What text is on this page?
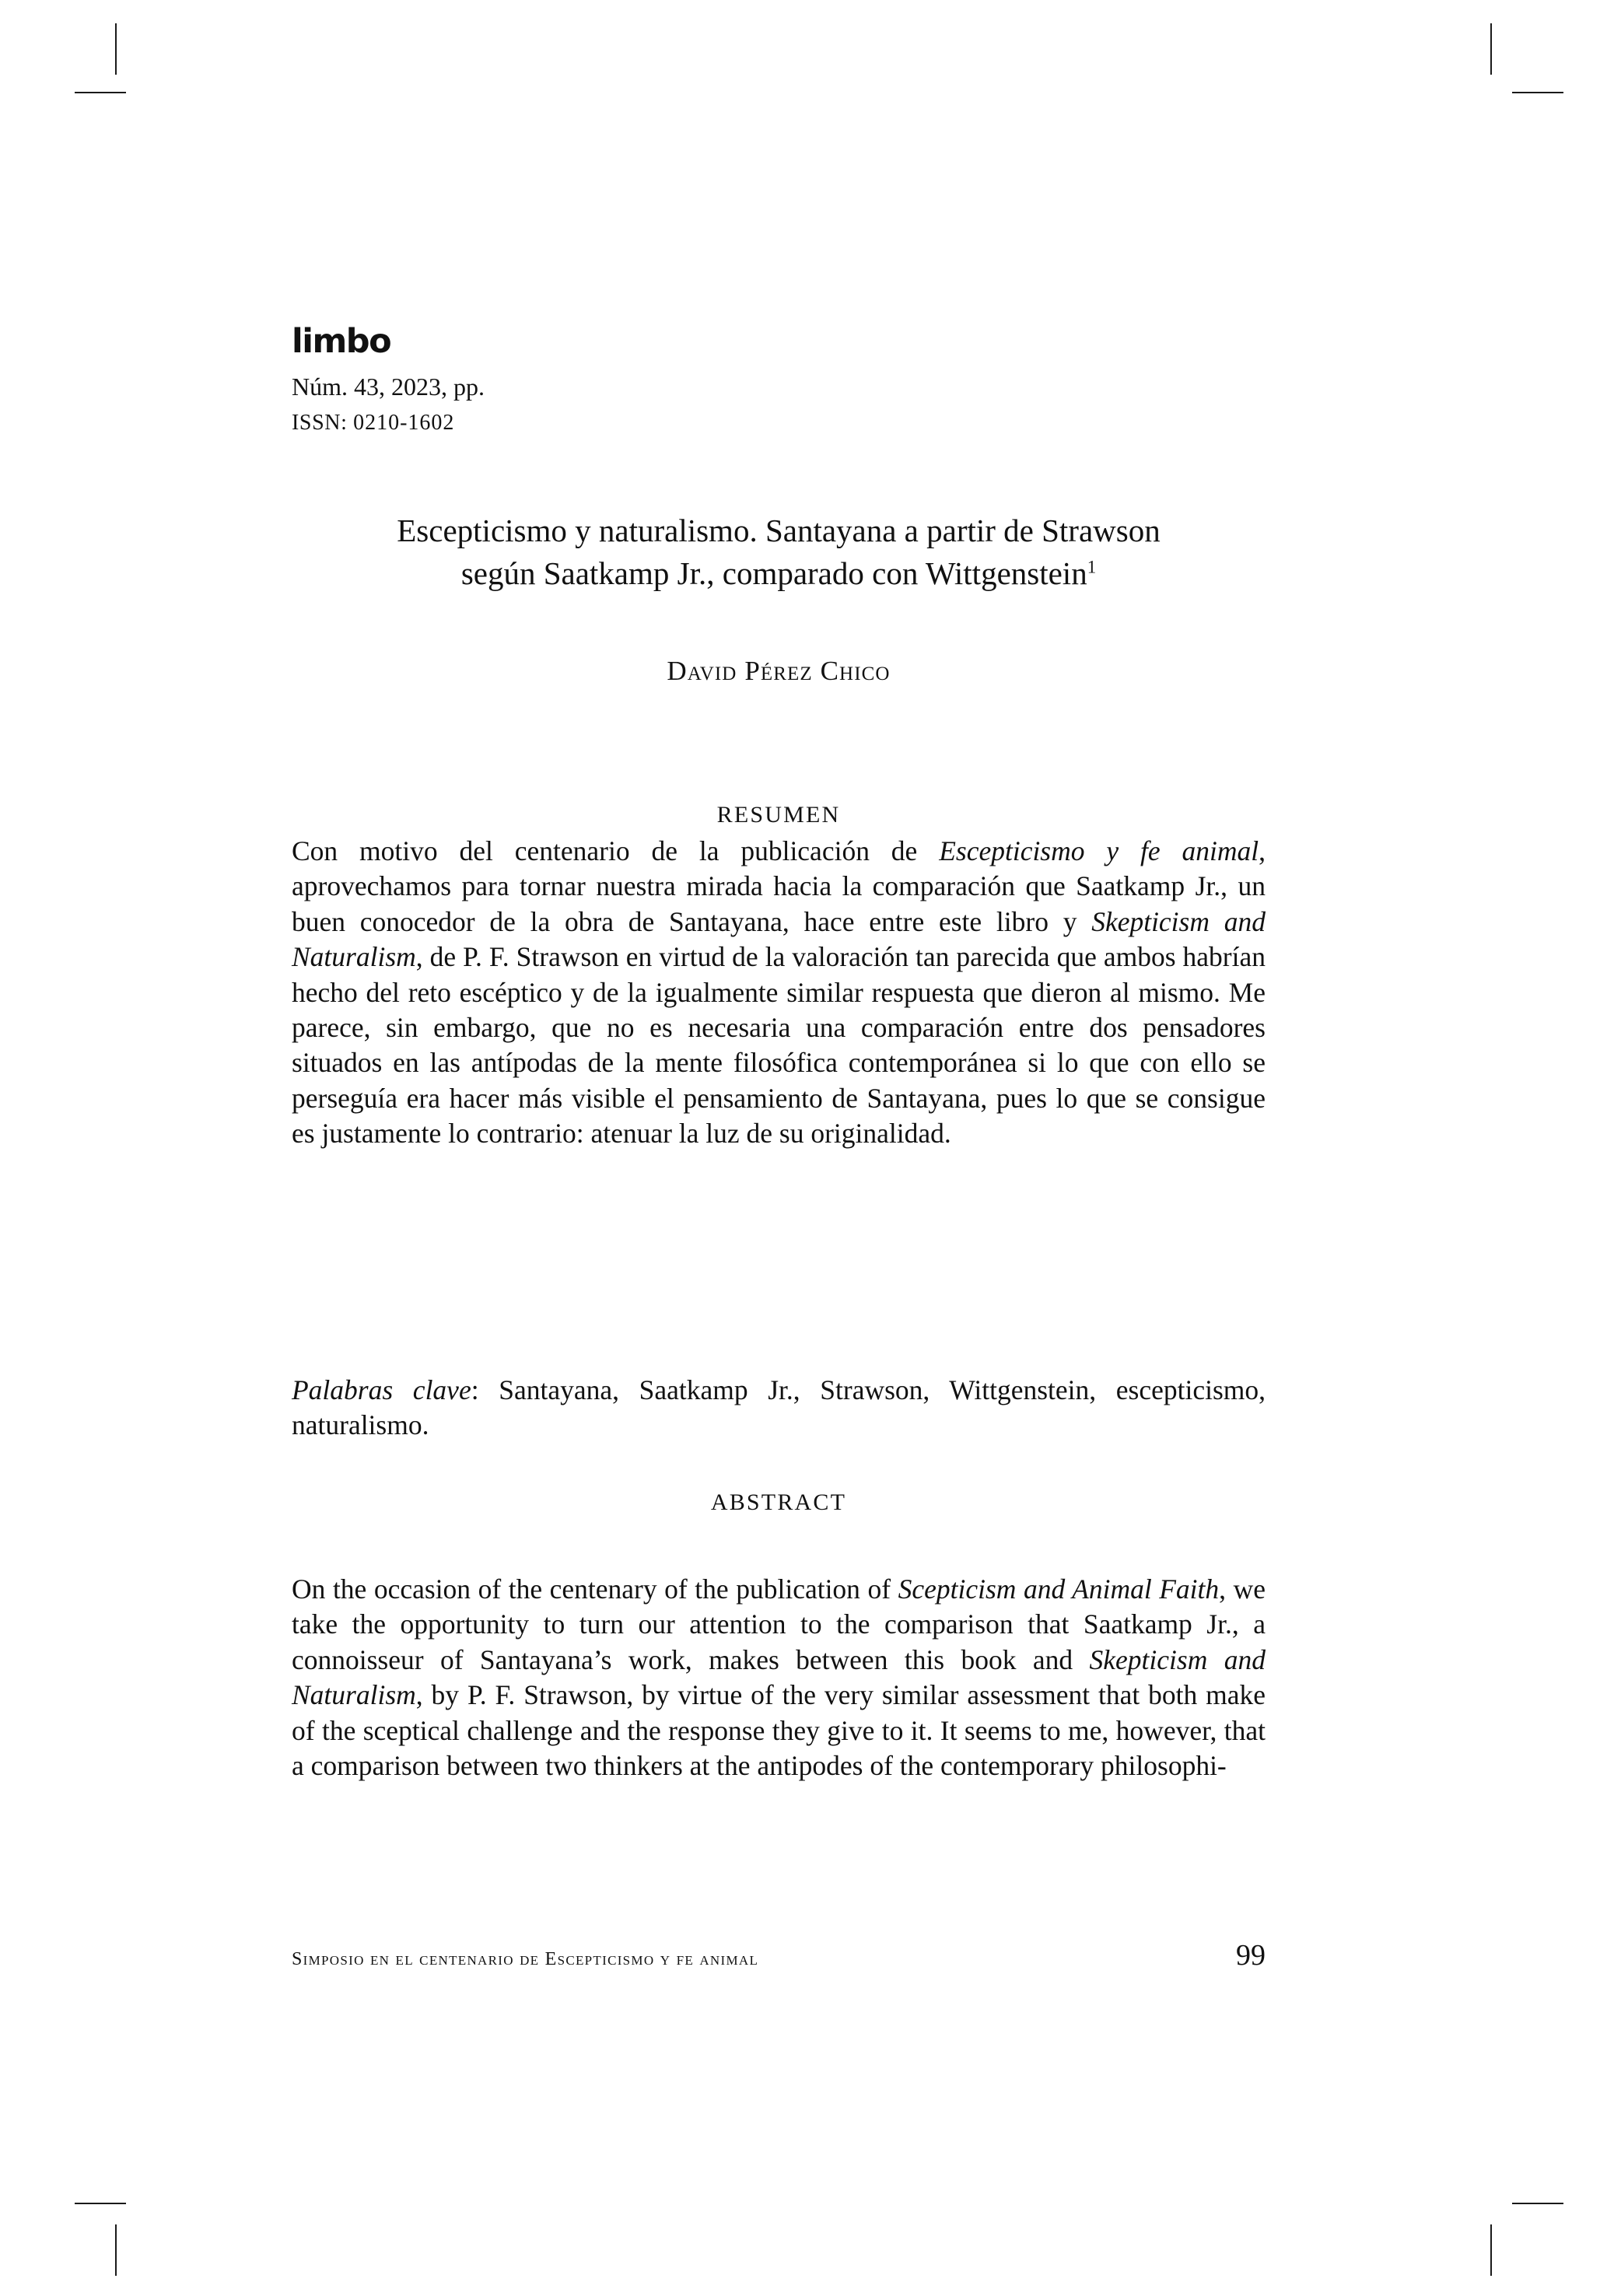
limbo
Núm. 43, 2023, pp.
ISSN: 0210-1602
Escepticismo y naturalismo. Santayana a partir de Strawson
según Saatkamp Jr., comparado con Wittgenstein$^1$
David Pérez Chico
RESUMEN

Con motivo del centenario de la publicación de Escepticismo y fe animal, aprovechamos para tornar nuestra mirada hacia la comparación que Saatkamp Jr., un buen conocedor de la obra de Santayana, hace entre este libro y Skepticism and Naturalism, de P. F. Strawson en virtud de la valoración tan parecida que ambos habrían hecho del reto escéptico y de la igualmente similar respuesta que dieron al mismo. Me parece, sin embargo, que no es necesaria una comparación entre dos pensadores situados en las antípodas de la mente filosófica contemporánea si lo que con ello se perseguía era hacer más visible el pensamiento de Santayana, pues lo que se consigue es justamente lo contrario: atenuar la luz de su originalidad.

Palabras clave: Santayana, Saatkamp Jr., Strawson, Wittgenstein, escepticismo, naturalismo.

ABSTRACT

On the occasion of the centenary of the publication of Scepticism and Animal Faith, we take the opportunity to turn our attention to the comparison that Saatkamp Jr., a connoisseur of Santayana’s work, makes between this book and Skepticism and Naturalism, by P. F. Strawson, by virtue of the very similar assessment that both make of the sceptical challenge and the response they give to it. It seems to me, however, that a comparison between two thinkers at the antipodes of the contemporary philosophi-

Simposio en el centenario de Escepticismo y fe animal	99
